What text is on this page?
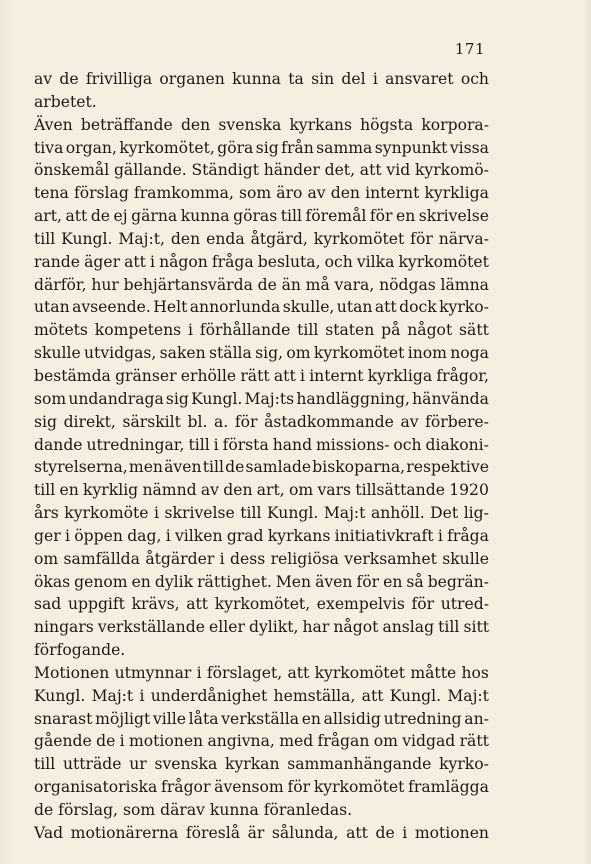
171
av de frivilliga organen kunna ta sin del i ansvaret och
arbetet.
Även beträffande den svenska kyrkans högsta korpora-
tiva organ, kyrkomötet, göra sig från samma synpunkt vissa
önskemål gällande. Ständigt händer det, att vid kyrkomö-
tena förslag framkomma, som äro av den internt kyrkliga
art, att de ej gärna kunna göras till föremål för en skrivelse
till Kungl. Maj:t, den enda åtgärd, kyrkomötet för närva-
rande äger att i någon fråga besluta, och vilka kyrkomötet
därför, hur behjärtansvärda de än må vara, nödgas lämna
utan avseende. Helt annorlunda skulle, utan att dock kyrko-
mötets kompetens i förhållande till staten på något sätt
skulle utvidgas, saken ställa sig, om kyrkomötet inom noga
bestämda gränser erhölle rätt att i internt kyrkliga frågor,
som undandraga sig Kungl. Maj:ts handläggning, hänvända
sig direkt, särskilt bl. a. för åstadkommande av förbere-
dande utredningar, till i första hand missions- och diakoni-
styrelserna, men även till de samlade biskoparna, respektive
till en kyrklig nämnd av den art, om vars tillsättande 1920
års kyrkomöte i skrivelse till Kungl. Maj:t anhöll. Det lig-
ger i öppen dag, i vilken grad kyrkans initiativkraft i fråga
om samfällda åtgärder i dess religiösa verksamhet skulle
ökas genom en dylik rättighet. Men även för en så begrän-
sad uppgift krävs, att kyrkomötet, exempelvis för utred-
ningars verkställande eller dylikt, har något anslag till sitt
förfogande.
Motionen utmynnar i förslaget, att kyrkomötet måtte hos
Kungl. Maj:t i underdånighet hemställa, att Kungl. Maj:t
snarast möjligt ville låta verkställa en allsidig utredning an-
gående de i motionen angivna, med frågan om vidgad rätt
till utträde ur svenska kyrkan sammanhängande kyrko-
organisatoriska frågor ävensom för kyrkomötet framlägga
de förslag, som därav kunna föranledas.
Vad motionärerna föreslå är sålunda, att de i motionen
